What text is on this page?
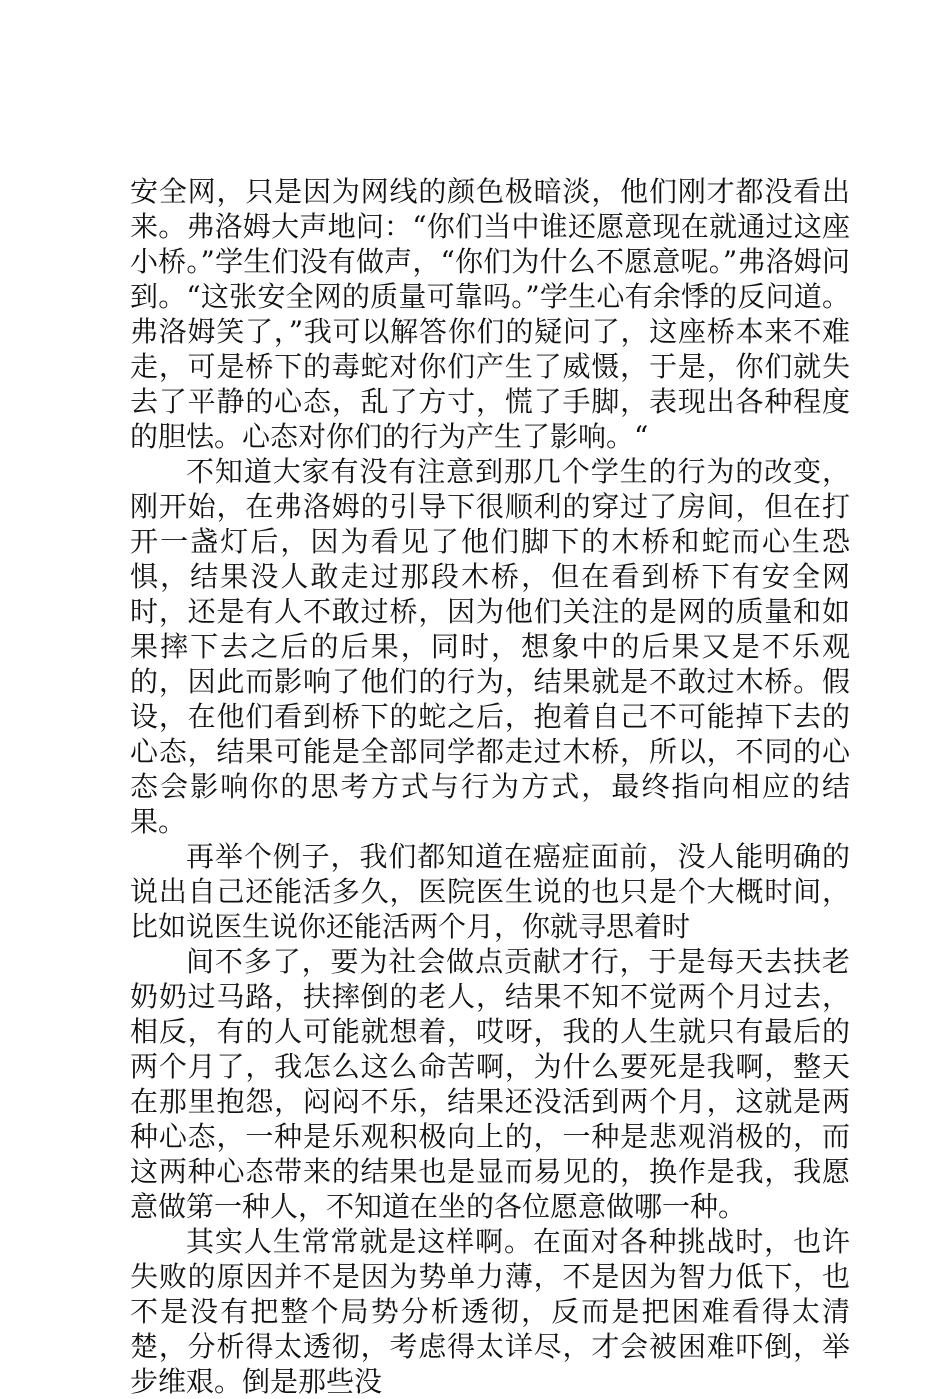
安全网，只是因为网线的颜色极暗淡，他们刚才都没看出来。弗洛姆大声地问：“你们当中谁还愿意现在就通过这座小桥。”学生们没有做声，“你们为什么不愿意呢。”弗洛姆问到。“这张安全网的质量可靠吗。”学生心有余悸的反问道。弗洛姆笑了，”我可以解答你们的疑问了，这座桥本来不难走，可是桥下的毒蛇对你们产生了威慑，于是，你们就失去了平静的心态，乱了方寸，慌了手脚，表现出各种程度的胆怯。心态对你们的行为产生了影响。“

不知道大家有没有注意到那几个学生的行为的改变，刚开始，在弗洛姆的引导下很顺利的穿过了房间，但在打开一盏灯后，因为看见了他们脚下的木桥和蛇而心生恐惧，结果没人敢走过那段木桥，但在看到桥下有安全网时，还是有人不敢过桥，因为他们关注的是网的质量和如果摔下去之后的后果，同时，想象中的后果又是不乐观的，因此而影响了他们的行为，结果就是不敢过木桥。假设，在他们看到桥下的蛇之后，抱着自己不可能掉下去的心态，结果可能是全部同学都走过木桥，所以，不同的心态会影响你的思考方式与行为方式，最终指向相应的结果。

再举个例子，我们都知道在癌症面前，没人能明确的说出自己还能活多久，医院医生说的也只是个大概时间，比如说医生说你还能活两个月，你就寻思着时

间不多了，要为社会做点贡献才行，于是每天去扶老奶奶过马路，扶摔倒的老人，结果不知不觉两个月过去，相反，有的人可能就想着，哎呀，我的人生就只有最后的两个月了，我怎么这么命苦啊，为什么要死是我啊，整天在那里抱怨，闷闷不乐，结果还没活到两个月，这就是两种心态，一种是乐观积极向上的，一种是悲观消极的，而这两种心态带来的结果也是显而易见的，换作是我，我愿意做第一种人，不知道在坐的各位愿意做哪一种。

其实人生常常就是这样啊。在面对各种挑战时，也许失败的原因并不是因为势单力薄，不是因为智力低下，也不是没有把整个局势分析透彻，反而是把困难看得太清楚，分析得太透彻，考虑得太详尽，才会被困难吓倒，举步维艰。倒是那些没
